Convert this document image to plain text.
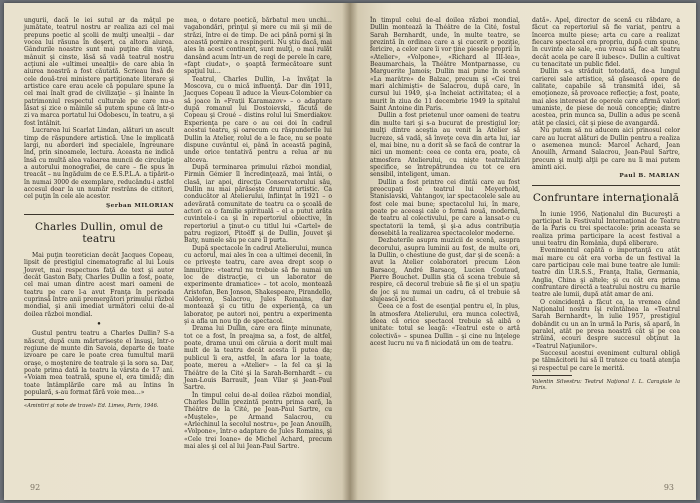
ungurii, dacă le iei sutul ar da mâţul pe jumătate, teatrul nostru ar realiza azi cel mai prepuns poetic al şcolii de mulţi unealţii – dar vocea lui răsuna în deşert, ca altora aiurea. Gândurile noastre sunt mai puţine din viaţă, mânuit şi cinste, lăsă să vadă teatrul nostru acţiuni ale «ultimei unealţii» de care abia în aiurea noastră a fost căutată. Scrieau însă de cele două-trei ministere partiţionate literare şi artistice care erau acele că populare spune la cel mai înalt grad de civilizaţie – şi înainte în patrimoniul respectul culturale pe care nu-a lăsat şi zice o mâinile să putem spune că într-o zi va marca portatul lui Odobescu, în teatru, a şi fost întâlnit.

Lucrarea lui Scarlat Lindan, alături un ascult timp de răspundere artistică. Une le implicată largi, nu aborderi ind specialele, îngreunare înd, prin sinoamele, lectura. Aceasta ne indică însă cu multă alea valoarea muncii de circulaţie a autorului monografiei, de care – fie spus în treacăt – nu îngăduim de ce E.S.P.L.A. a tipărit-o în numai 3000 de exemplare, reducându-i astfel accesul doar la un număr restrâns de cititori, cel puţin în cele ale acestor.

Şerban MILORIAN
Charles Dullin, omul de teatru

Mai puţin teoretician decât Jacques Copeau, lipsit de prestigiul cinematografic al lui Louis Jouvet, mai respectuos faţă de text şi autor decât Gaston Baty, Charles Dullin a fost, poate, cel mai uman dintre acest mari oameni de teatru pe care l-a avut Franţa în perioada cuprinsă între anii premergători primului război mondial, şi anii imediat următori celui de-al doilea război mondial.

•

Gustul pentru teatru a Charles Dullin? S-a născut, după cum mărturiseşte el însuşi, într-o regiune de munte din Savoia, departe de toate izvoare pe care le poate crea tumultul marii oraşe, o moştenire de teatrale şi la sora sa. Dar, poate prima dată la teatru la vârsta de 17 ani. «Voiam mea teatrală, spune el, era timidă; din toate întâmplările care mă au întins în populară, s-au format fără voie mea…»

«Amintiri şi note de travel» Ed. Limes, Paris, 1946.

mea, o dotare poetică, bărbatul meu unchi… vagabondări, prinţul şi mere cu mii şi mii de străzi, între ei de timp. De aci pănă porni şi în această pornire a respingerii. Nu ştiu dacă, mai ales în acest continent, sunt mulţi, o mai rulăt dansând acum într-un de regi de perele în care, «fapt ciudat», o şoaptă fermecătoare sunt spaţiul lui…

Teatrul, Charles Dullin, l-a învăţat la Moscova, cu o mică influenţă. Dar din 1911, Jacques Copeau îl aduce la Vieux-Colombier ca să joace în «Fraţii Karamazov» – o adaptare după romanul lui Dostoievski, făcută de Copeau şi Croué – distins rolul lui Smerdiakov. Experienţa pe care o au cei doi în cadrul acestui teatru, şi oarecum cu răspunderile lui Dullin la Atelier, rolul de a le face, nu se poate dispune cuvântul ei, până în această pagină, unde orice tentativă pentru a relua ar nu altceva.

După terminarea primului război mondial, Firmin Gémier îl încredinţează, mai întâi, o clasă, iar apoi, direcţia Conservatorului său, Dullin nu mai părăseşte drumul artistic. Ca conducător al Atelierului, înfiinţat în 1921 – o adevărată comunitate de teatru ca o şcoală de actori ca o familie spirituală – el a putut arăta cuvintele-i ca şi în repertoriul obiective, în repertoriul a ţinut-o cu titlul lui «Cartel» de patru regizori, Pitoëff şi de Dullin, Jouvet şi Baty, numele său pe care îl purta.

După spectacole în cadrul Atelierului, munca cu actorul, mai ales în cea a ultimei decenii, în ce priveşte teatru, care avea drept scop o înmulţire: «teatrul nu trebuie să fie numai un loc de distracţie, ci un laborator de experimente dramatice» – tot acolo, montează Aristofan, Ben Jonson, Shakespeare, Pirandello, Calderon, Salacrou, Jules Romains, dar montează şi cu titlu de experienţă, ca un laborator, pe autori noi, pentru a experimenta şi a afla un nou tip de spectacol.

Drama lui Dullin, care era fiinţe minunate, tot ce a fost, în preajma sa, a fost, de altfel, poate, drama unui om căruia a dorit mult mai mult de la teatru decât acesta îi putea da; publicul îi era, astfel, în afara lor la toate, poate, mereu a «Atelier» – la fel ca şi la Théâtre de la Cité şi la Sarah-Bernhardt – cu Jean-Louis Barrault, Jean Vilar şi Jean-Paul Sartre.

În timpul celui de-al doilea război mondial, Charles Dullin prezintă pentru prima oară, la Théâtre de la Cité, pe Jean-Paul Sartre, cu «Muştele», pe Armand Salacrou, cu «Arlechinul la secolul nostru», pe Jean Anouilh, «Volpone», într-o adaptare de Jules Romains, şi «Cele trei Ioane» de Michel Achard, precum mai ales şi cel al lui Jean-Paul Sartre.

92

În timpul celui de-al doilea război mondial, Dullin montează la Théâtre de la Cité, fostul Sarah Bernhardt, unde, în multe teatre, se prezintă în ordinea care a şi cucerit o poziţie, fericire, a celor care îi vor ţine piesele proprii în «Atelier», «Volpone», «Richard al III-lea», Beaumarchais, la Théâtre Montparnasse, cu Marguerite Jamois; Dullin mai pune în scenă «La marâtre» de Balzac, precum şi «Cei trei mari alchimişti» de Salacrou, după care, în cursul lui 1949, şi-a încheiat activitatea; el a murit în ziua de 11 decembrie 1949 la spitalul Saint Antoine din Paris.

Dullin a fost prietenul unor oameni de teatru din multe tari şi s-a bucurat de prestigiul lor; mulţi dintre aceştia au venit la Atelier să lucreze, să vadă, să înveţe ceva din arta lui, iar el, mai bine, nu a dorit să se facă de contrar la nici un moment: ceea ce conta era, poate, că atmosfera Atelierului, cu nişte teatralizări specifice, se întrepătrundea cu tot ce era sensibil, inteligent, uman.

Dullin a fost printre cei dintâi care au fost preocupaţi de teatrul lui Meyerhold, Stanislavski, Vahtangov, iar spectacolele sale au fost cele mai bune; spectacolul lui, în mare, poate pe aceeaşi cale o formă nouă, modernă, de teatru al colectivului, pe care a lansat-o cu spectatorii la temă, şi şi-a adus contribuţia deosebită la realizarea spectacolelor moderne.

Dezbaterile asupra muzicii de scenă, asupra decorului, asupra luminii au fost, de multe ori, la Dullin, o chestiune de gust, dar şi de scenă: a avut la Atelier colaboratori precum Léon Barsacq, André Barsacq, Lucien Coutaud, Pierre Bouchet. Dullin ştia că scena trebuie să respire, că decorul trebuie să fie şi el un spaţiu de joc şi nu numai un cadru, că el trebuie să slujească jocul.

Ceea ce a fost de esenţial pentru el, în plus, în atmosfera Atelierului, era munca colectivă, ideea că orice spectacol trebuie să aibă o unitate: totul se leagă: «Teatrul este o artă colectivă» – spunea Dullin – şi cine nu înţelege acest lucru nu va fi niciodată un om de teatru.

dată». Apel, director de scenă cu răbdare, a făcut ca repertoriul să fie variat, pentru a încerca multe piese; arta cu care a realizat fiecare spectacol era propriu, după cum spune, în cuvinte ale sale, «nu vreau să fac alt teatru decât acela pe care îl iubesc». Dullin a cultivat cu tenacitate un public fidel.

Dullin s-a străduit totodată, de-a lungul carierei sale artistice, să găsească opere de calitate, capabile să transmită idei, să emoţioneze, să provoace reflecţie; a fost, poate, mai ales interesat de operele care afirmă valori umaniste, de piese de nouă concepţie; dintre acestea, prin munca sa, Dullin a adus pe scenă atât pe clasici, cât şi piese de avangardă.

Nu putem să nu aducem aici prinosul celor care au lucrat alături de Dullin pentru a realiza o asemenea muncă: Marcel Achard, Jean Anouilh, Armand Salacrou, Jean-Paul Sartre, precum şi mulţi alţii pe care nu îi mai putem aminti aici.

Paul B. MARIAN
Confruntare internaţională

În iunie 1956, Naţionalul din Bucureşti a participat la Festivalul Internaţional de Teatru de la Paris cu trei spectacole: prin aceasta se realiza prima participare la acest festival a unui teatru din România, după eliberare.

Evenimentul capătă o importanţă cu atât mai mare cu cât era vorba de un festival la care participau cele mai bune teatre ale lumii: teatre din U.R.S.S., Franţa, Italia, Germania, Anglia, China şi altele; şi cu cât era prima confruntare directă a teatrului nostru cu marile teatre ale lumii, după atât amar de ani.

O coincidenţă a făcut ca, la vremea când Naţionalul nostru îşi reîntâlnea la «Teatrul Sarah Bernhardt», în iulie 1957, prestigiul dobândit cu un an în urmă la Paris, să apară, în paralel, atât pe presa noastră cât şi pe cea străină, ecouri despre succesul obţinut la «Teatrul Naţiunilor».

Succesul acestui eveniment cultural obligă pe tălmăcitorii lui să îl trateze cu toată atenţia şi respectul pe care le merită.

Valentin Silvestru: Teatrul Naţional I. L. Caragiale la Paris.
93
